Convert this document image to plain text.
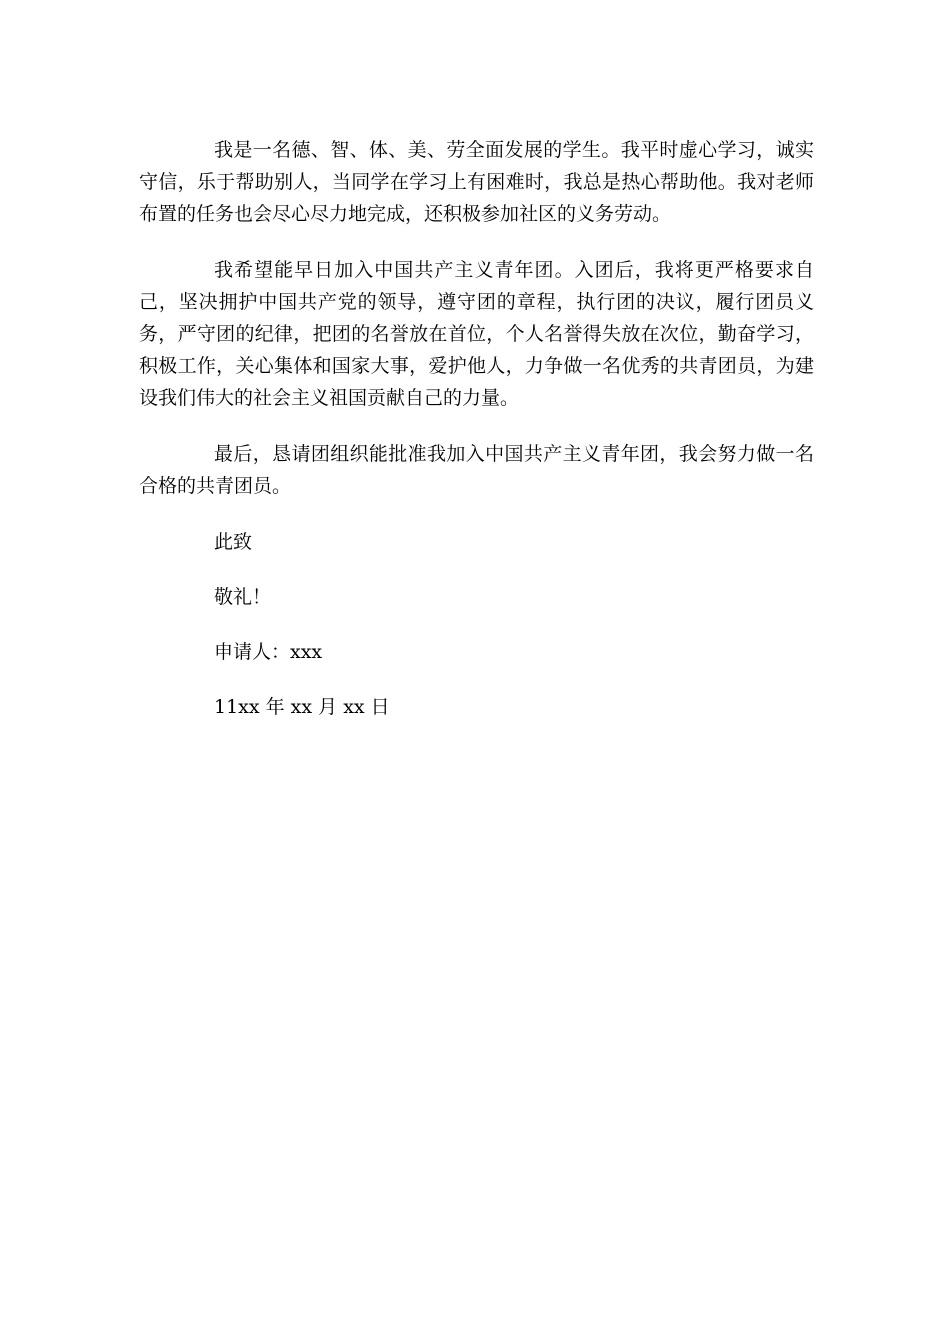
我是一名德、智、体、美、劳全面发展的学生。我平时虚心学习，诚实守信，乐于帮助别人，当同学在学习上有困难时，我总是热心帮助他。我对老师布置的任务也会尽心尽力地完成，还积极参加社区的义务劳动。

我希望能早日加入中国共产主义青年团。入团后，我将更严格要求自己，坚决拥护中国共产党的领导，遵守团的章程，执行团的决议，履行团员义务，严守团的纪律，把团的名誉放在首位，个人名誉得失放在次位，勤奋学习，积极工作，关心集体和国家大事，爱护他人，力争做一名优秀的共青团员，为建设我们伟大的社会主义祖国贡献自己的力量。

最后，恳请团组织能批准我加入中国共产主义青年团，我会努力做一名合格的共青团员。

此致
敬礼！
申请人：xxx
11xx 年 xx 月 xx 日
